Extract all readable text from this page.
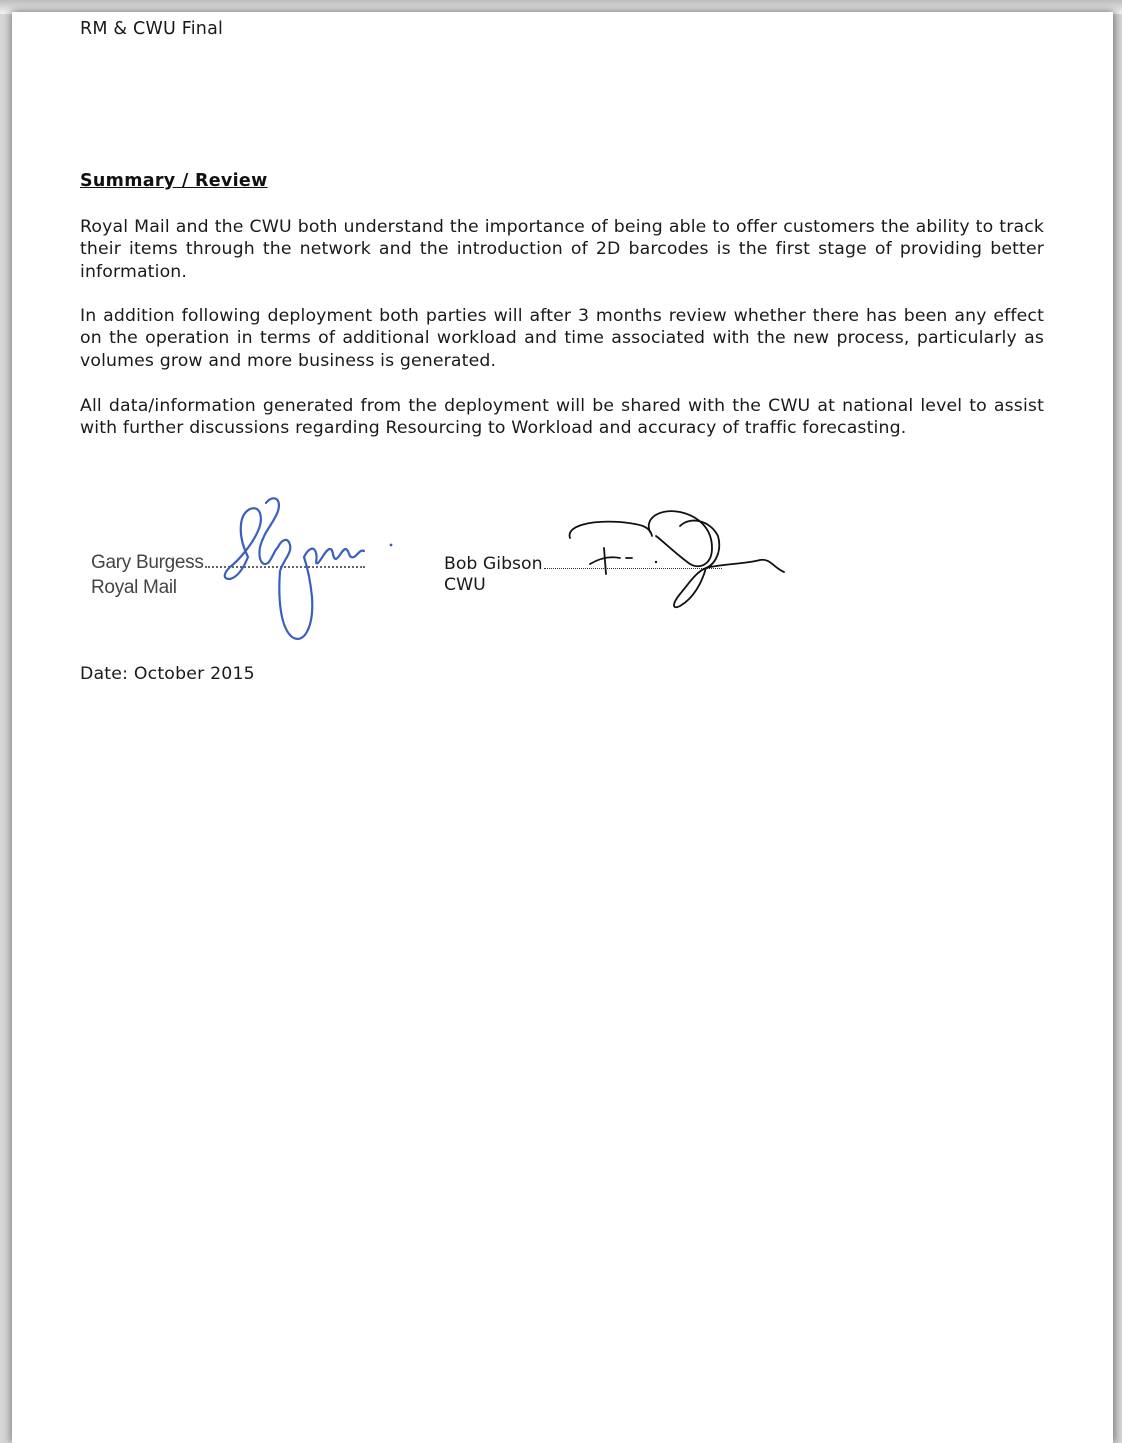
RM & CWU Final
Summary / Review
Royal Mail and the CWU both understand the importance of being able to offer customers the ability to track their items through the network and the introduction of 2D barcodes is the first stage of providing better information.
In addition following deployment both parties will after 3 months review whether there has been any effect on the operation in terms of additional workload and time associated with the new process, particularly as volumes grow and more business is generated.
All data/information generated from the deployment will be shared with the CWU at national level to assist with further discussions regarding Resourcing to Workload and accuracy of traffic forecasting.
Gary Burgess
Royal Mail
Bob Gibson
CWU
Date: October 2015
